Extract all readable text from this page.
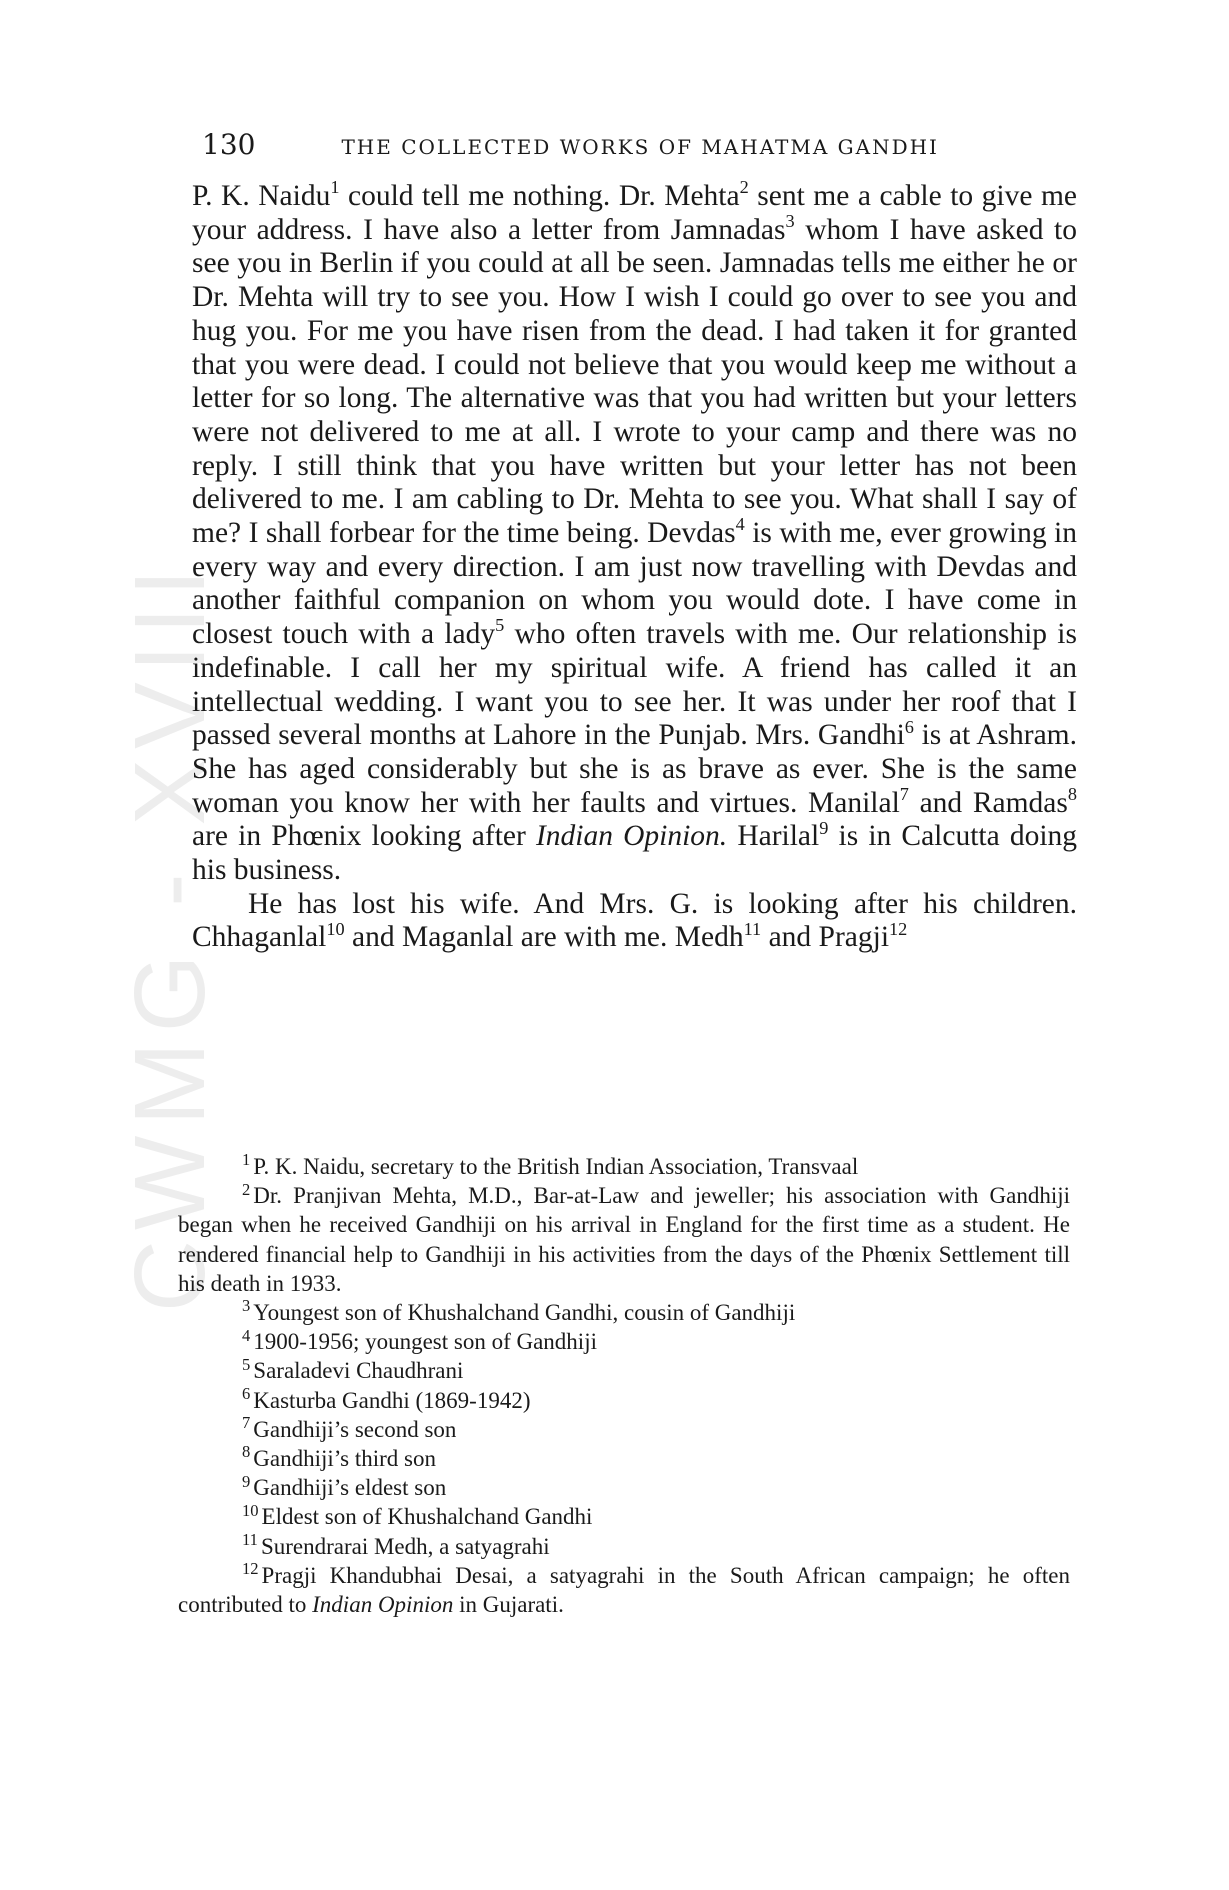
CWMG - XVIII
130	THE COLLECTED WORKS OF MAHATMA GANDHI

P. K. Naidu$^1$ could tell me nothing. Dr. Mehta$^2$ sent me a cable to give me your address. I have also a letter from Jamnadas$^3$ whom I have asked to see you in Berlin if you could at all be seen. Jamnadas tells me either he or Dr. Mehta will try to see you. How I wish I could go over to see you and hug you. For me you have risen from the dead. I had taken it for granted that you were dead. I could not believe that you would keep me without a letter for so long. The alternative was that you had written but your letters were not delivered to me at all. I wrote to your camp and there was no reply. I still think that you have written but your letter has not been delivered to me. I am cabling to Dr. Mehta to see you. What shall I say of me? I shall forbear for the time being. Devdas$^4$ is with me, ever growing in every way and every direction. I am just now travelling with Devdas and another faithful companion on whom you would dote. I have come in closest touch with a lady$^5$ who often travels with me. Our relationship is indefinable. I call her my spiritual wife. A friend has called it an intellectual wedding. I want you to see her. It was under her roof that I passed several months at Lahore in the Punjab. Mrs. Gandhi$^6$ is at Ashram. She has aged considerably but she is as brave as ever. She is the same woman you know her with her faults and virtues. Manilal$^7$ and Ramdas$^8$ are in Phœnix looking after Indian Opinion. Harilal$^9$ is in Calcutta doing his business.

He has lost his wife. And Mrs. G. is looking after his children. Chhaganlal$^{10}$ and Maganlal are with me. Medh$^{11}$ and Pragji$^{12}$

$^1$ P. K. Naidu, secretary to the British Indian Association, Transvaal
$^2$ Dr. Pranjivan Mehta, M.D., Bar-at-Law and jeweller; his association with Gandhiji began when he received Gandhiji on his arrival in England for the first time as a student. He rendered financial help to Gandhiji in his activities from the days of the Phœnix Settlement till his death in 1933.
$^3$ Youngest son of Khushalchand Gandhi, cousin of Gandhiji
$^4$ 1900-1956; youngest son of Gandhiji
$^5$ Saraladevi Chaudhrani
$^6$ Kasturba Gandhi (1869-1942)
$^7$ Gandhiji’s second son
$^8$ Gandhiji’s third son
$^9$ Gandhiji’s eldest son
$^{10}$ Eldest son of Khushalchand Gandhi
$^{11}$ Surendrarai Medh, a satyagrahi
$^{12}$ Pragji Khandubhai Desai, a satyagrahi in the South African campaign; he often contributed to Indian Opinion in Gujarati.
